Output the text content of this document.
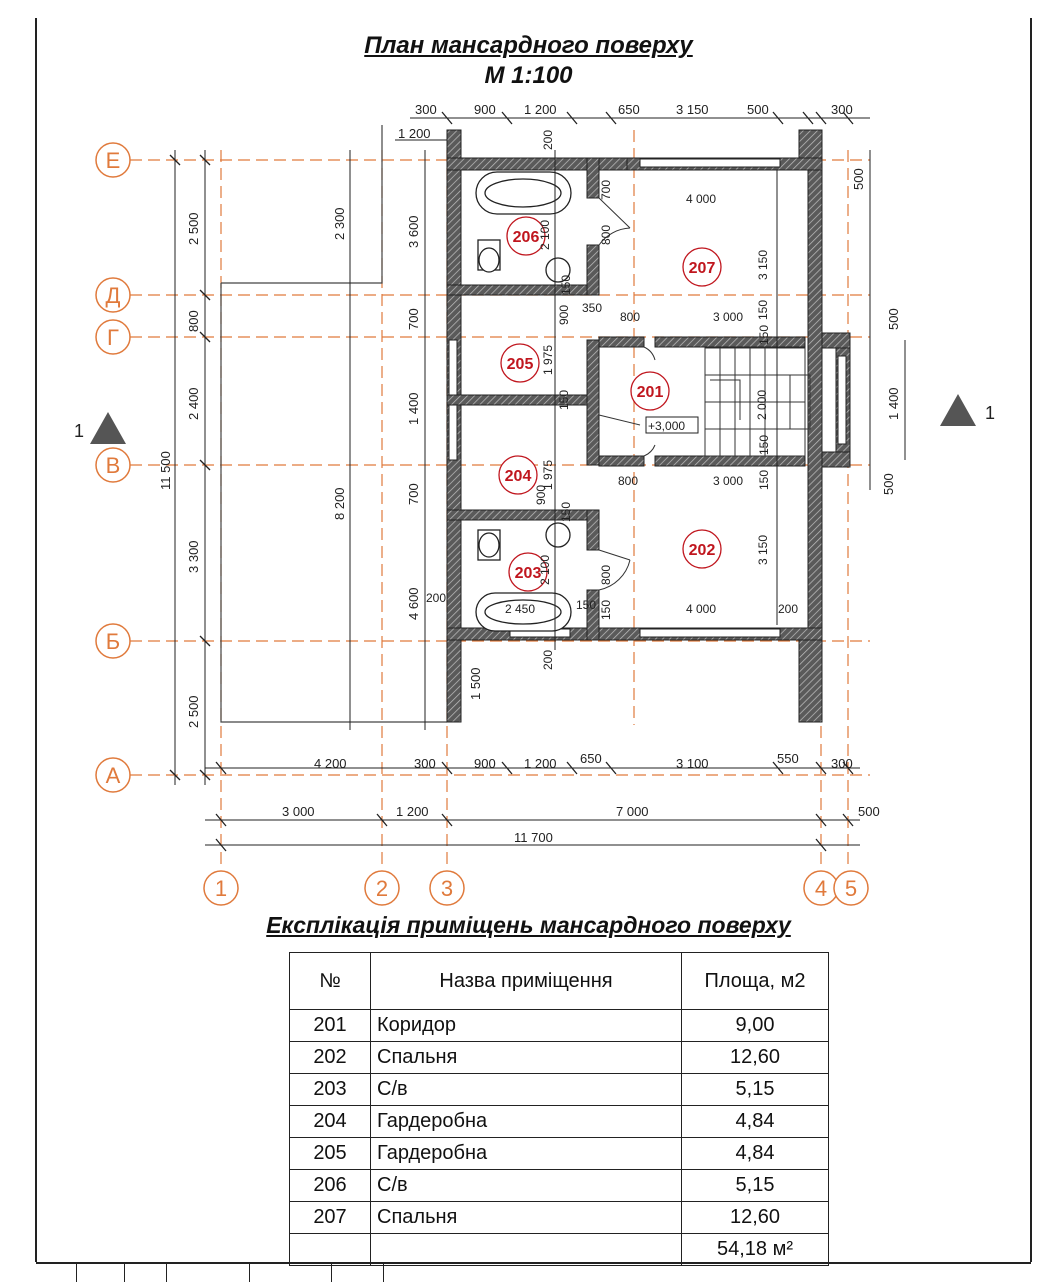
Е
Д
Г
В
Б
А
1	2 3	4 5
206
207
205
201
204
202
203
1
1
+3,000
300	900 1 200	650	3 150	500	300
1 200
4 200	300	900 1 200 650	3 100	550 300
3 000	1 200	7 000	500
11 700
2 500
800
2 400
3 300
2 500
11 500
2 300
8 200
3 600
700
1 400
700
4 600
1 500
500
500
1 400
500
200
700
2 100	800
4 000
3 150
350
800	3 000 150
900
1 975
150	2 000
150
1 975	800	3 000 150
900
2 100	800
3 150
200
2 450	150	4 000	200
200
150
150
150
150
План мансардного поверху
М 1:100
Експлікація приміщень мансардного поверху
№	Назва приміщення	Площа, м2
201	Коридор	9,00
202	Спальня	12,60
203	С/в	5,15
204	Гардеробна	4,84
205	Гардеробна	4,84
206	С/в	5,15
207	Спальня	12,60
		54,18 м²
